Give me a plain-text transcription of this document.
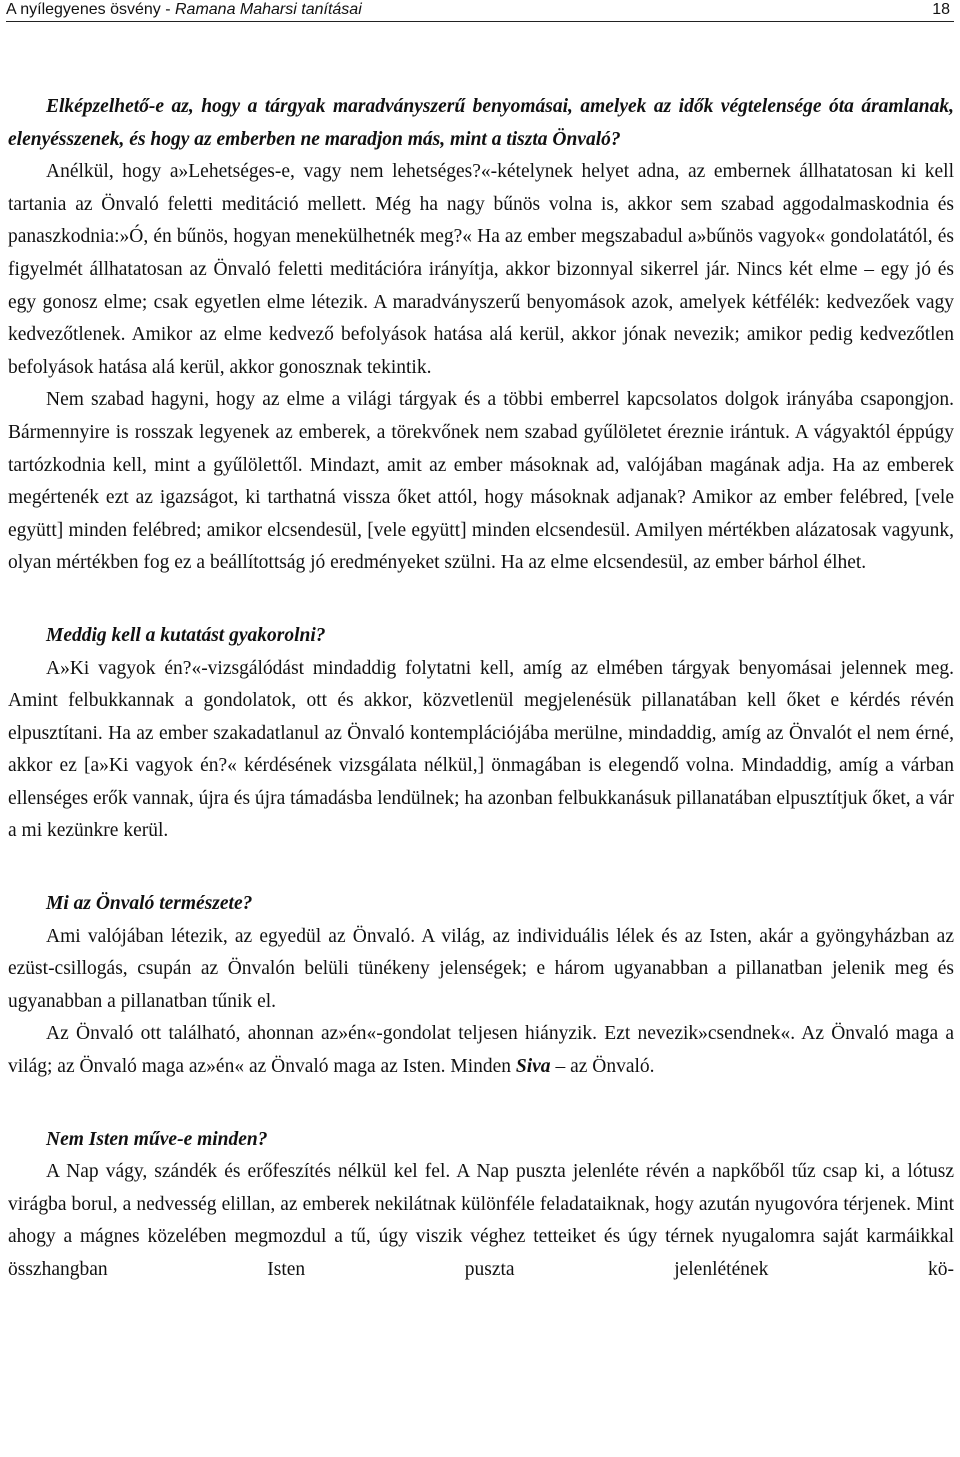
A nyílegyenes ösvény - Ramana Maharsi tanításai	18

Elképzelhető-e az, hogy a tárgyak maradványszerű benyomásai, amelyek az idők végtelensége óta áramlanak, elenyésszenek, és hogy az emberben ne maradjon más, mint a tiszta Önvaló?

Anélkül, hogy a»Lehetséges-e, vagy nem lehetséges?«-kételynek helyet adna, az embernek állhatatosan ki kell tartania az Önvaló feletti meditáció mellett. Még ha nagy bűnös volna is, akkor sem szabad aggodalmaskodnia és panaszkodnia:»Ó, én bűnös, hogyan menekülhetnék meg?« Ha az ember megszabadul a»bűnös vagyok« gondolatától, és figyelmét állhatatosan az Önvaló feletti meditációra irányítja, akkor bizonnyal sikerrel jár. Nincs két elme – egy jó és egy gonosz elme; csak egyetlen elme létezik. A maradványszerű benyomások azok, amelyek kétfélék: kedvezőek vagy kedvezőtlenek. Amikor az elme kedvező befolyások hatása alá kerül, akkor jónak nevezik; amikor pedig kedvezőtlen befolyások hatása alá kerül, akkor gonosznak tekintik.

Nem szabad hagyni, hogy az elme a világi tárgyak és a többi emberrel kapcsolatos dolgok irányába csapongjon. Bármennyire is rosszak legyenek az emberek, a törekvőnek nem szabad gyűlöletet éreznie irántuk. A vágyaktól éppúgy tartózkodnia kell, mint a gyűlölettől. Mindazt, amit az ember másoknak ad, valójában magának adja. Ha az emberek megértenék ezt az igazságot, ki tarthatná vissza őket attól, hogy másoknak adjanak? Amikor az ember felébred, [vele együtt] minden felébred; amikor elcsendesül, [vele együtt] minden elcsendesül. Amilyen mértékben alázatosak vagyunk, olyan mértékben fog ez a beállítottság jó eredményeket szülni. Ha az elme elcsendesül, az ember bárhol élhet.

Meddig kell a kutatást gyakorolni?

A»Ki vagyok én?«-vizsgálódást mindaddig folytatni kell, amíg az elmében tárgyak benyomásai jelennek meg. Amint felbukkannak a gondolatok, ott és akkor, közvetlenül megjelenésük pillanatában kell őket e kérdés révén elpusztítani. Ha az ember szakadatlanul az Önvaló kontemplációjába merülne, mindaddig, amíg az Önvalót el nem érné, akkor ez [a»Ki vagyok én?« kérdésének vizsgálata nélkül,] önmagában is elegendő volna. Mindaddig, amíg a várban ellenséges erők vannak, újra és újra támadásba lendülnek; ha azonban felbukkanásuk pillanatában elpusztítjuk őket, a vár a mi kezünkre kerül.

Mi az Önvaló természete?

Ami valójában létezik, az egyedül az Önvaló. A világ, az individuális lélek és az Isten, akár a gyöngyházban az ezüst-csillogás, csupán az Önvalón belüli tünékeny jelenségek; e három ugyanabban a pillanatban jelenik meg és ugyanabban a pillanatban tűnik el.

Az Önvaló ott található, ahonnan az»én«-gondolat teljesen hiányzik. Ezt nevezik»csendnek«. Az Önvaló maga a világ; az Önvaló maga az»én« az Önvaló maga az Isten. Minden Siva – az Önvaló.

Nem Isten műve-e minden?

A Nap vágy, szándék és erőfeszítés nélkül kel fel. A Nap puszta jelenléte révén a napkőből tűz csap ki, a lótusz virágba borul, a nedvesség elillan, az emberek nekilátnak különféle feladataiknak, hogy azután nyugovóra térjenek. Mint ahogy a mágnes közelében megmozdul a tű, úgy viszik véghez tetteiket és úgy térnek nyugalomra saját karmáikkal összhangban Isten puszta jelenlétének kö-
